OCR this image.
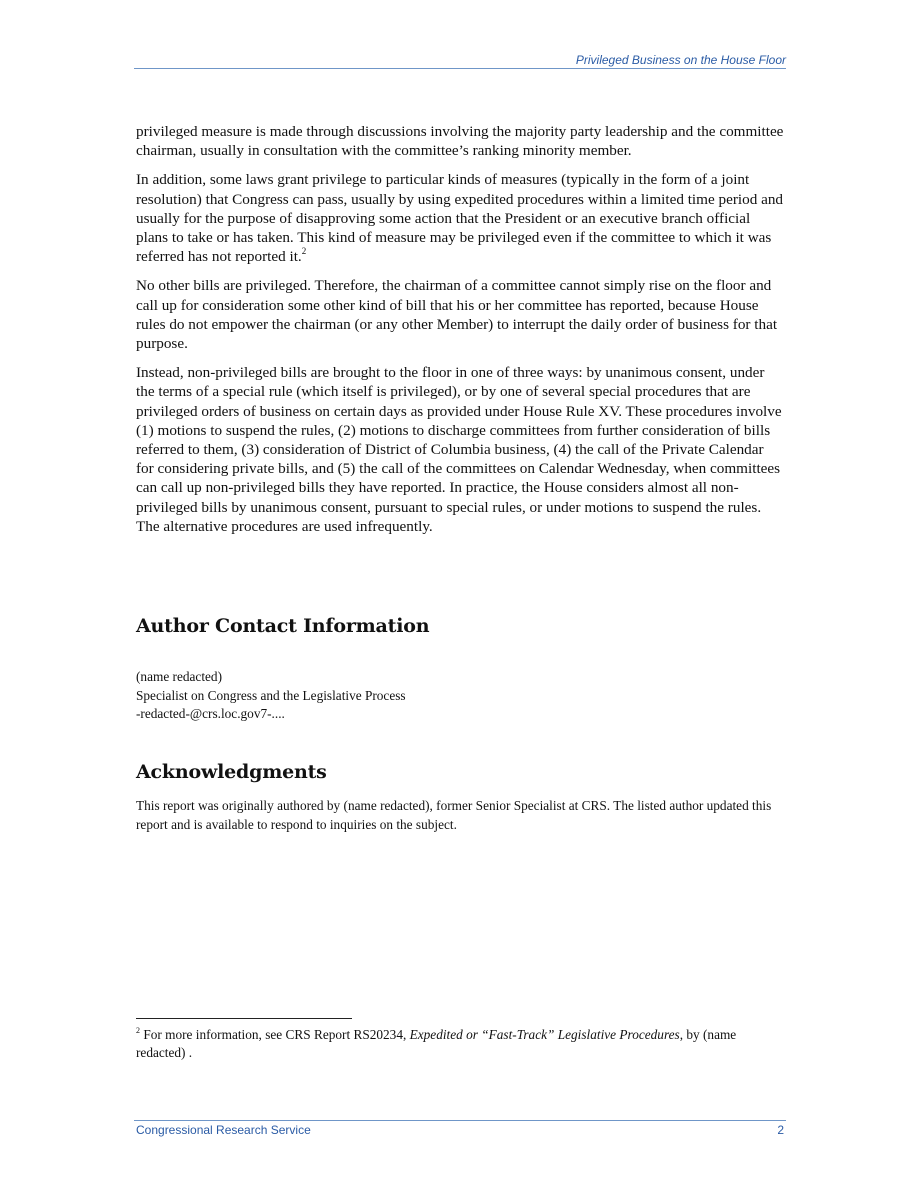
Privileged Business on the House Floor

privileged measure is made through discussions involving the majority party leadership and the committee chairman, usually in consultation with the committee’s ranking minority member.

In addition, some laws grant privilege to particular kinds of measures (typically in the form of a joint resolution) that Congress can pass, usually by using expedited procedures within a limited time period and usually for the purpose of disapproving some action that the President or an executive branch official plans to take or has taken. This kind of measure may be privileged even if the committee to which it was referred has not reported it.$^2$

No other bills are privileged. Therefore, the chairman of a committee cannot simply rise on the floor and call up for consideration some other kind of bill that his or her committee has reported, because House rules do not empower the chairman (or any other Member) to interrupt the daily order of business for that purpose.

Instead, non-privileged bills are brought to the floor in one of three ways: by unanimous consent, under the terms of a special rule (which itself is privileged), or by one of several special procedures that are privileged orders of business on certain days as provided under House Rule XV. These procedures involve (1) motions to suspend the rules, (2) motions to discharge committees from further consideration of bills referred to them, (3) consideration of District of Columbia business, (4) the call of the Private Calendar for considering private bills, and (5) the call of the committees on Calendar Wednesday, when committees can call up non-privileged bills they have reported. In practice, the House considers almost all non-privileged bills by unanimous consent, pursuant to special rules, or under motions to suspend the rules. The alternative procedures are used infrequently.

Author Contact Information
(name redacted)
Specialist on Congress and the Legislative Process
-redacted-@crs.loc.gov7-....
Acknowledgments
This report was originally authored by (name redacted), former Senior Specialist at CRS. The listed author updated this report and is available to respond to inquiries on the subject.
$^2$ For more information, see CRS Report RS20234, Expedited or “Fast-Track” Legislative Procedures, by (name redacted) .
Congressional Research Service	2
